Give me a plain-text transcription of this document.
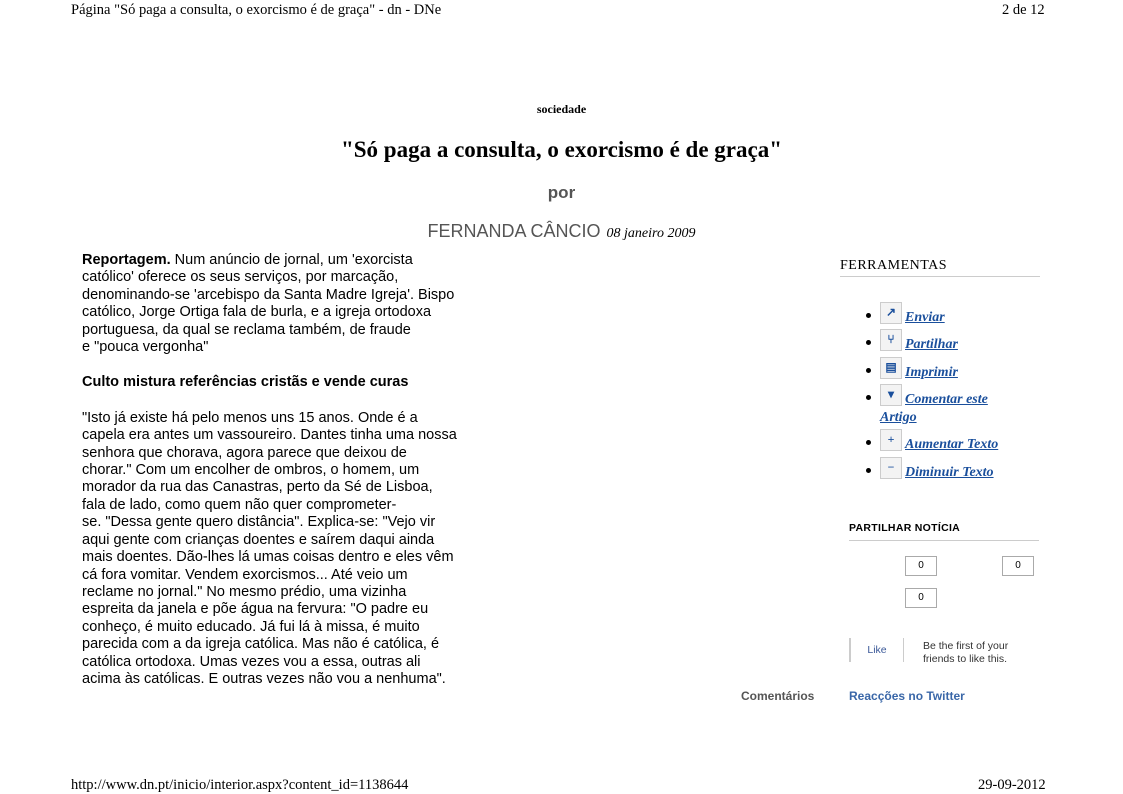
Página "Só paga a consulta, o exorcismo é de graça" - dn - DNe	2 de 12
sociedade
"Só paga a consulta, o exorcismo é de graça"
por
FERNANDA CÂNCIO 08 janeiro 2009

Reportagem. Num anúncio de jornal, um 'exorcista
católico' oferece os seus serviços, por marcação,
denominando-se 'arcebispo da Santa Madre Igreja'. Bispo
católico, Jorge Ortiga fala de burla, e a igreja ortodoxa
portuguesa, da qual se reclama também, de fraude
e "pouca vergonha"

Culto mistura referências cristãs e vende curas

"Isto já existe há pelo menos uns 15 anos. Onde é a
capela era antes um vassoureiro. Dantes tinha uma nossa
senhora que chorava, agora parece que deixou de
chorar." Com um encolher de ombros, o homem, um
morador da rua das Canastras, perto da Sé de Lisboa,
fala de lado, como quem não quer comprometer-
se. "Dessa gente quero distância". Explica-se: "Vejo vir
aqui gente com crianças doentes e saírem daqui ainda
mais doentes. Dão-lhes lá umas coisas dentro e eles vêm
cá fora vomitar. Vendem exorcismos... Até veio um
reclame no jornal." No mesmo prédio, uma vizinha
espreita da janela e põe água na fervura: "O padre eu
conheço, é muito educado. Já fui lá à missa, é muito
parecida com a da igreja católica. Mas não é católica, é
católica ortodoxa. Umas vezes vou a essa, outras ali
acima às católicas. E outras vezes não vou a nenhuma".

FERRAMENTAS
↗ Enviar
⑂ Partilhar
▤ Imprimir
▾ Comentar este
Artigo
+ Aumentar Texto
− Diminuir Texto
PARTILHAR NOTÍCIA
0	0
0
Like	Be the first of your friends to like this.
Comentários	Reacções no Twitter
http://www.dn.pt/inicio/interior.aspx?content_id=1138644	29-09-2012
